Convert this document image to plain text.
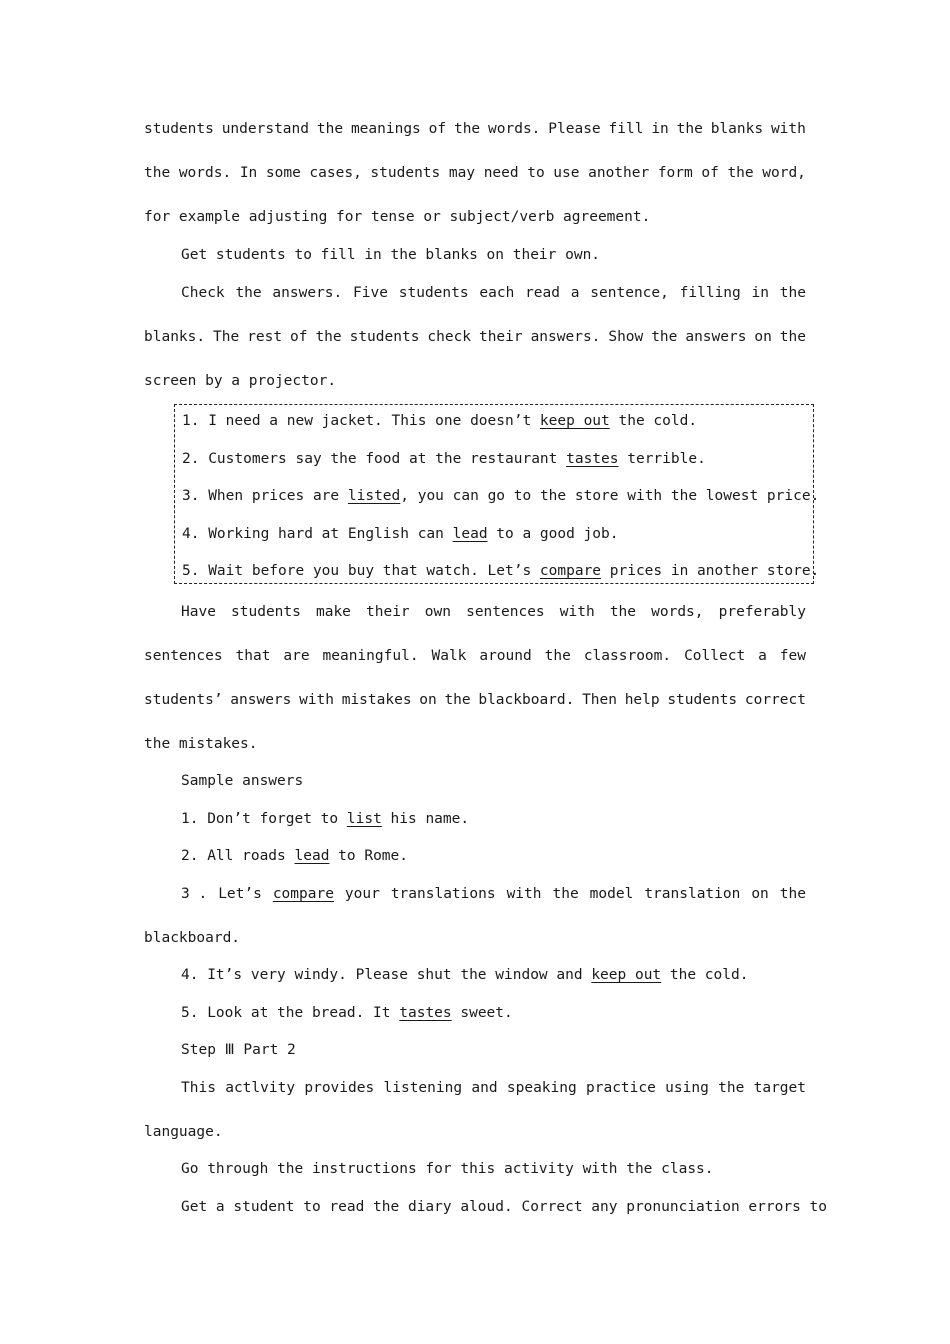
students understand the meanings of the words. Please fill in the blanks with
the words. In some cases, students may need to use another form of the word,
for example adjusting for tense or subject/verb agreement.
Get students to fill in the blanks on their own.
Check the answers. Five students each read a sentence, filling in the
blanks. The rest of the students check their answers. Show the answers on the
screen by a projector.
1. I need a new jacket. This one doesn’t keep out the cold.
2. Customers say the food at the restaurant tastes terrible.
3. When prices are listed, you can go to the store with the lowest price.
4. Working hard at English can lead to a good job.
5. Wait before you buy that watch. Let’s compare prices in another store.
Have students make their own sentences with the words, preferably
sentences that are meaningful. Walk around the classroom. Collect a few
students’ answers with mistakes on the blackboard. Then help students correct
the mistakes.
Sample answers
1. Don’t forget to list his name.
2. All roads lead to Rome.
3 . Let’s compare your translations with the model translation on the
blackboard.
4. It’s very windy. Please shut the window and keep out the cold.
5. Look at the bread. It tastes sweet.
Step Ⅲ Part 2
This actlvity provides listening and speaking practice using the target
language.
Go through the instructions for this activity with the class.
Get a student to read the diary aloud. Correct any pronunciation errors to
